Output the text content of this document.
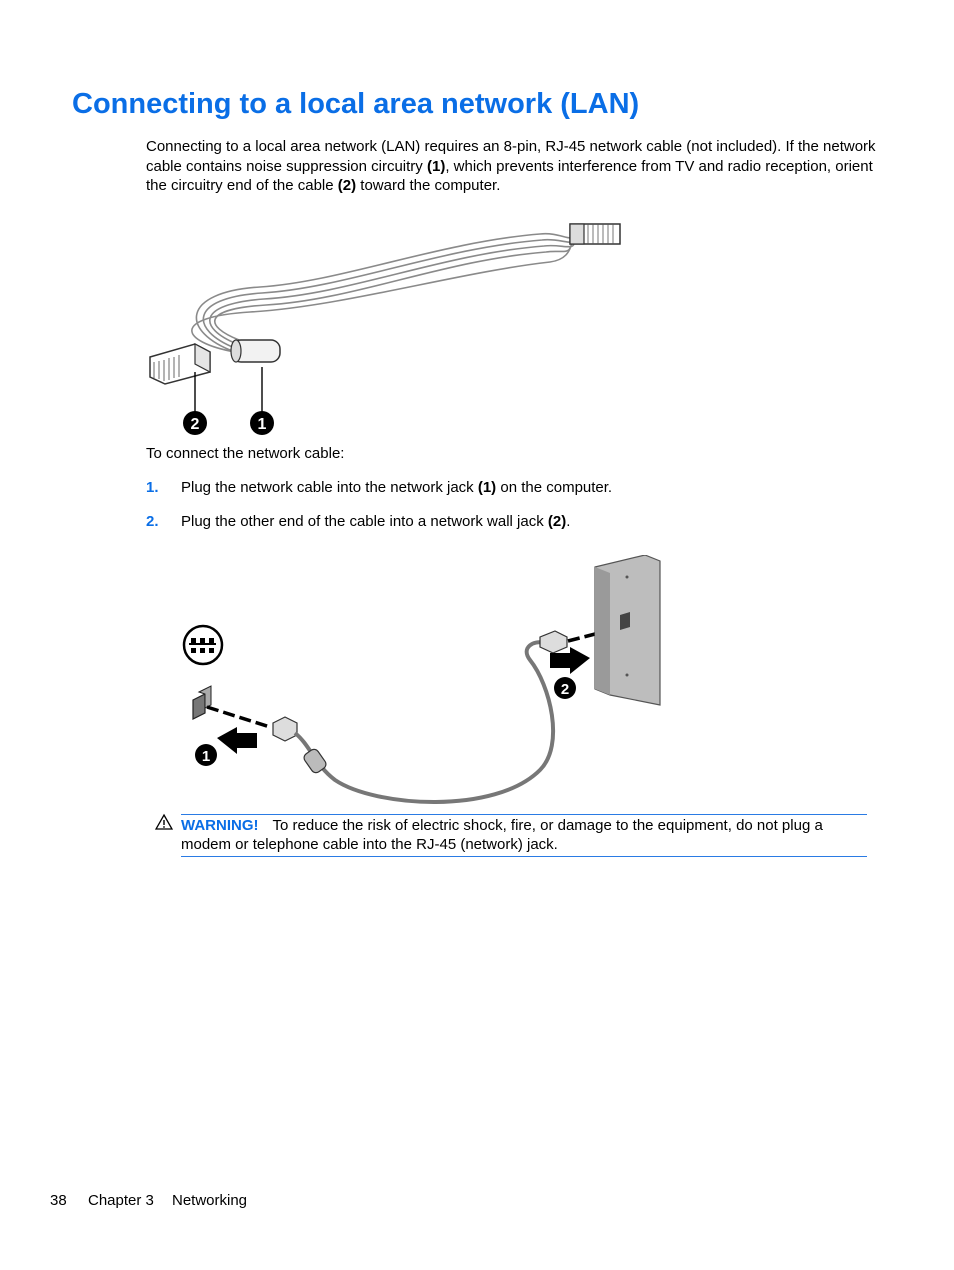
Connecting to a local area network (LAN)
Connecting to a local area network (LAN) requires an 8-pin, RJ-45 network cable (not included). If the network cable contains noise suppression circuitry (1), which prevents interference from TV and radio reception, orient the circuitry end of the cable (2) toward the computer.
2	1
To connect the network cable:
1. Plug the network cable into the network jack (1) on the computer.
2. Plug the other end of the cable into a network wall jack (2).
1
2
WARNING! To reduce the risk of electric shock, fire, or damage to the equipment, do not plug a modem or telephone cable into the RJ-45 (network) jack.
38 Chapter 3 Networking
